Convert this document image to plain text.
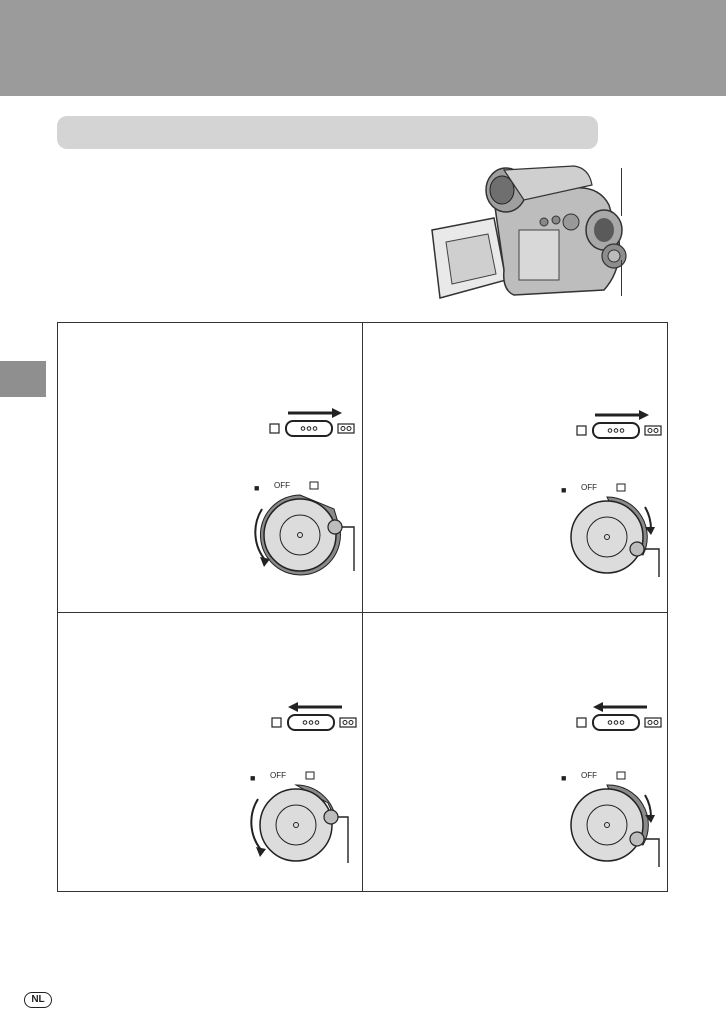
■ OFF	■ OFF
■ OFF	■ OFF
NL
